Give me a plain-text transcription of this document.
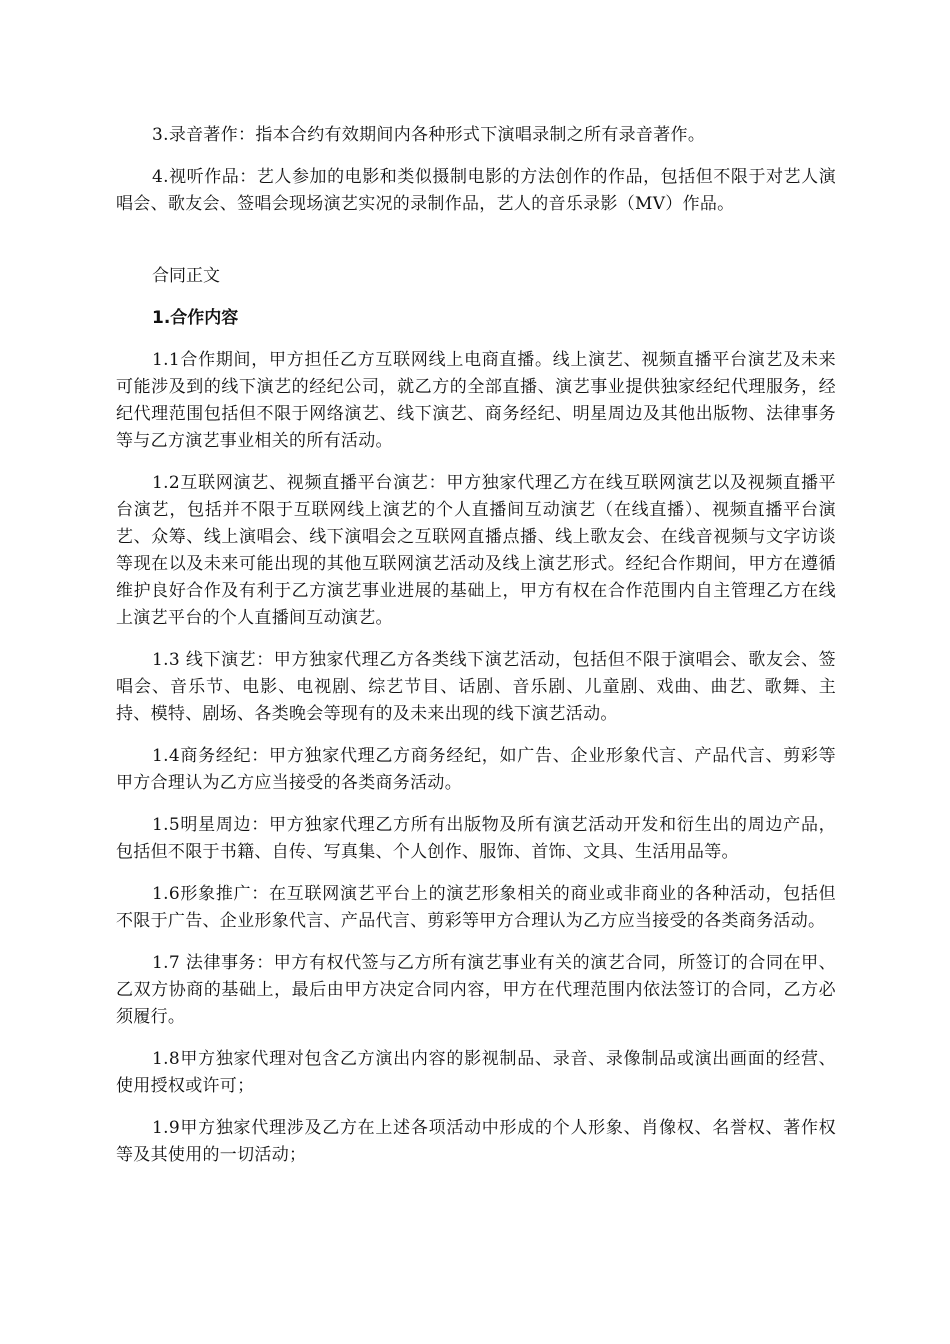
3.录音著作：指本合约有效期间内各种形式下演唱录制之所有录音著作。

4.视听作品：艺人参加的电影和类似摄制电影的方法创作的作品，包括但不限于对艺人演唱会、歌友会、签唱会现场演艺实况的录制作品，艺人的音乐录影（MV）作品。

合同正文
1.合作内容

1.1合作期间，甲方担任乙方互联网线上电商直播。线上演艺、视频直播平台演艺及未来可能涉及到的线下演艺的经纪公司，就乙方的全部直播、演艺事业提供独家经纪代理服务，经纪代理范围包括但不限于网络演艺、线下演艺、商务经纪、明星周边及其他出版物、法律事务等与乙方演艺事业相关的所有活动。

1.2互联网演艺、视频直播平台演艺：甲方独家代理乙方在线互联网演艺以及视频直播平台演艺，包括并不限于互联网线上演艺的个人直播间互动演艺（在线直播）、视频直播平台演艺、众筹、线上演唱会、线下演唱会之互联网直播点播、线上歌友会、在线音视频与文字访谈等现在以及未来可能出现的其他互联网演艺活动及线上演艺形式。经纪合作期间，甲方在遵循维护良好合作及有利于乙方演艺事业进展的基础上，甲方有权在合作范围内自主管理乙方在线上演艺平台的个人直播间互动演艺。

1.3 线下演艺：甲方独家代理乙方各类线下演艺活动，包括但不限于演唱会、歌友会、签唱会、音乐节、电影、电视剧、综艺节目、话剧、音乐剧、儿童剧、戏曲、曲艺、歌舞、主持、模特、剧场、各类晚会等现有的及未来出现的线下演艺活动。

1.4商务经纪：甲方独家代理乙方商务经纪，如广告、企业形象代言、产品代言、剪彩等甲方合理认为乙方应当接受的各类商务活动。

1.5明星周边：甲方独家代理乙方所有出版物及所有演艺活动开发和衍生出的周边产品，包括但不限于书籍、自传、写真集、个人创作、服饰、首饰、文具、生活用品等。

1.6形象推广：在互联网演艺平台上的演艺形象相关的商业或非商业的各种活动，包括但不限于广告、企业形象代言、产品代言、剪彩等甲方合理认为乙方应当接受的各类商务活动。

1.7 法律事务：甲方有权代签与乙方所有演艺事业有关的演艺合同，所签订的合同在甲、乙双方协商的基础上，最后由甲方决定合同内容，甲方在代理范围内依法签订的合同，乙方必须履行。

1.8甲方独家代理对包含乙方演出内容的影视制品、录音、录像制品或演出画面的经营、使用授权或许可；

1.9甲方独家代理涉及乙方在上述各项活动中形成的个人形象、肖像权、名誉权、著作权等及其使用的一切活动；
